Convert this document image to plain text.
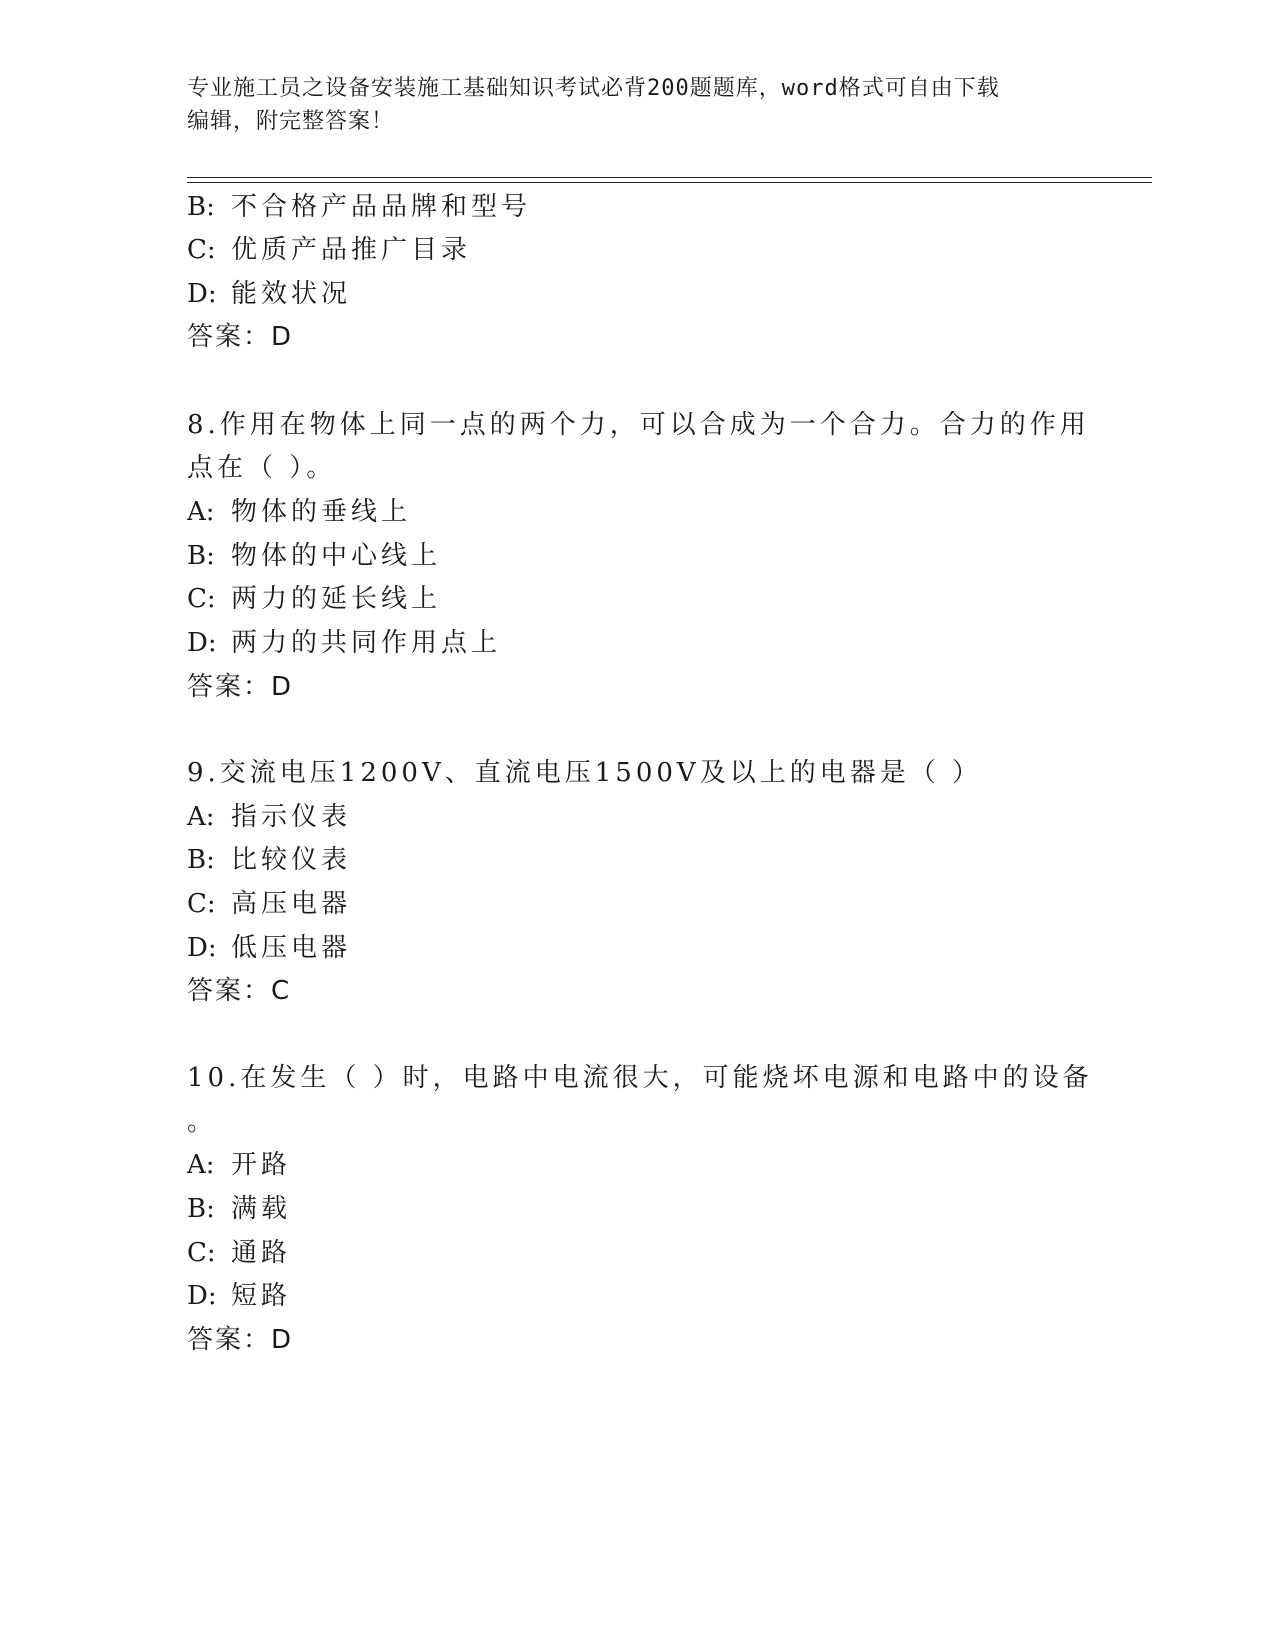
专业施工员之设备安装施工基础知识考试必背200题题库，word格式可自由下载
编辑，附完整答案！
B: 不合格产品品牌和型号
C: 优质产品推广目录
D: 能效状况
答案：D
8.作用在物体上同一点的两个力，可以合成为一个合力。合力的作用
点在（ ）。
A: 物体的垂线上
B: 物体的中心线上
C: 两力的延长线上
D: 两力的共同作用点上
答案：D
9.交流电压1200V、直流电压1500V及以上的电器是（ ）
A: 指示仪表
B: 比较仪表
C: 高压电器
D: 低压电器
答案：C
10.在发生（ ）时，电路中电流很大，可能烧坏电源和电路中的设备
。
A: 开路
B: 满载
C: 通路
D: 短路
答案：D
